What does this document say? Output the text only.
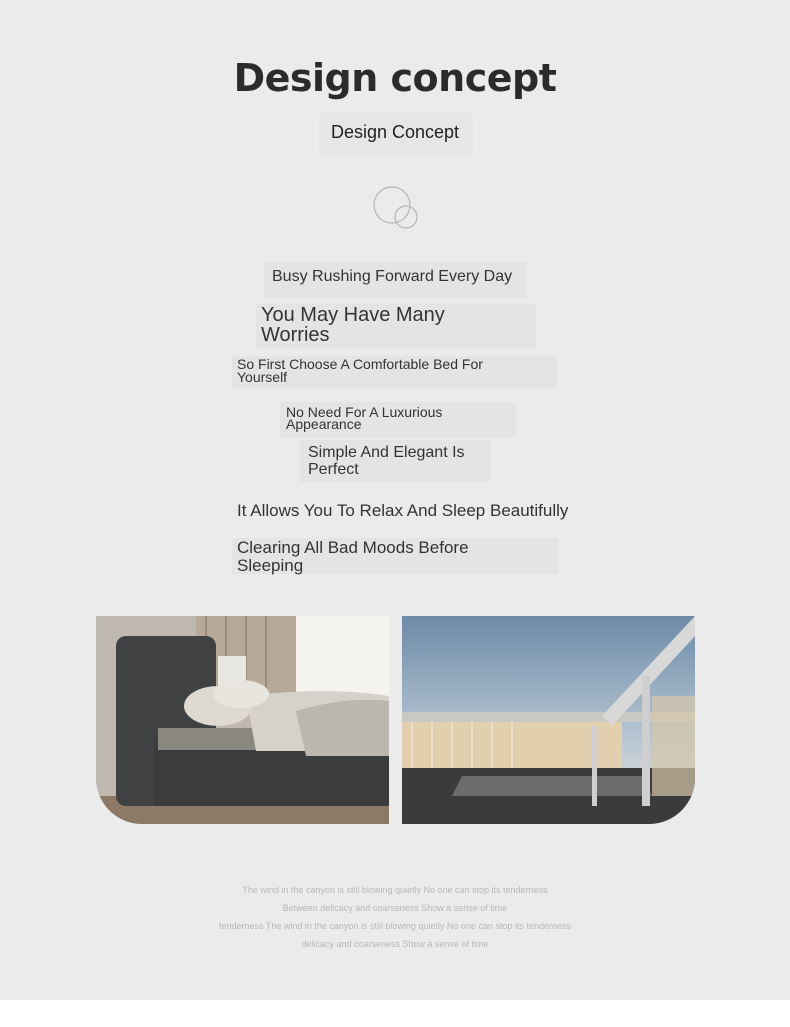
Design concept
Design Concept
Busy Rushing Forward Every Day
You May Have Many Worries
So First Choose A Comfortable Bed For Yourself
No Need For A Luxurious Appearance
Simple And Elegant Is Perfect
It Allows You To Relax And Sleep Beautifully
Clearing All Bad Moods Before Sleeping
The wind in the canyon is still blowing quietly No one can stop its tenderness
Between delicacy and coarseness Show a sense of time
tenderness The wind in the canyon is still blowing quietly No one can stop its tenderness
delicacy and coarseness Show a sense of time
